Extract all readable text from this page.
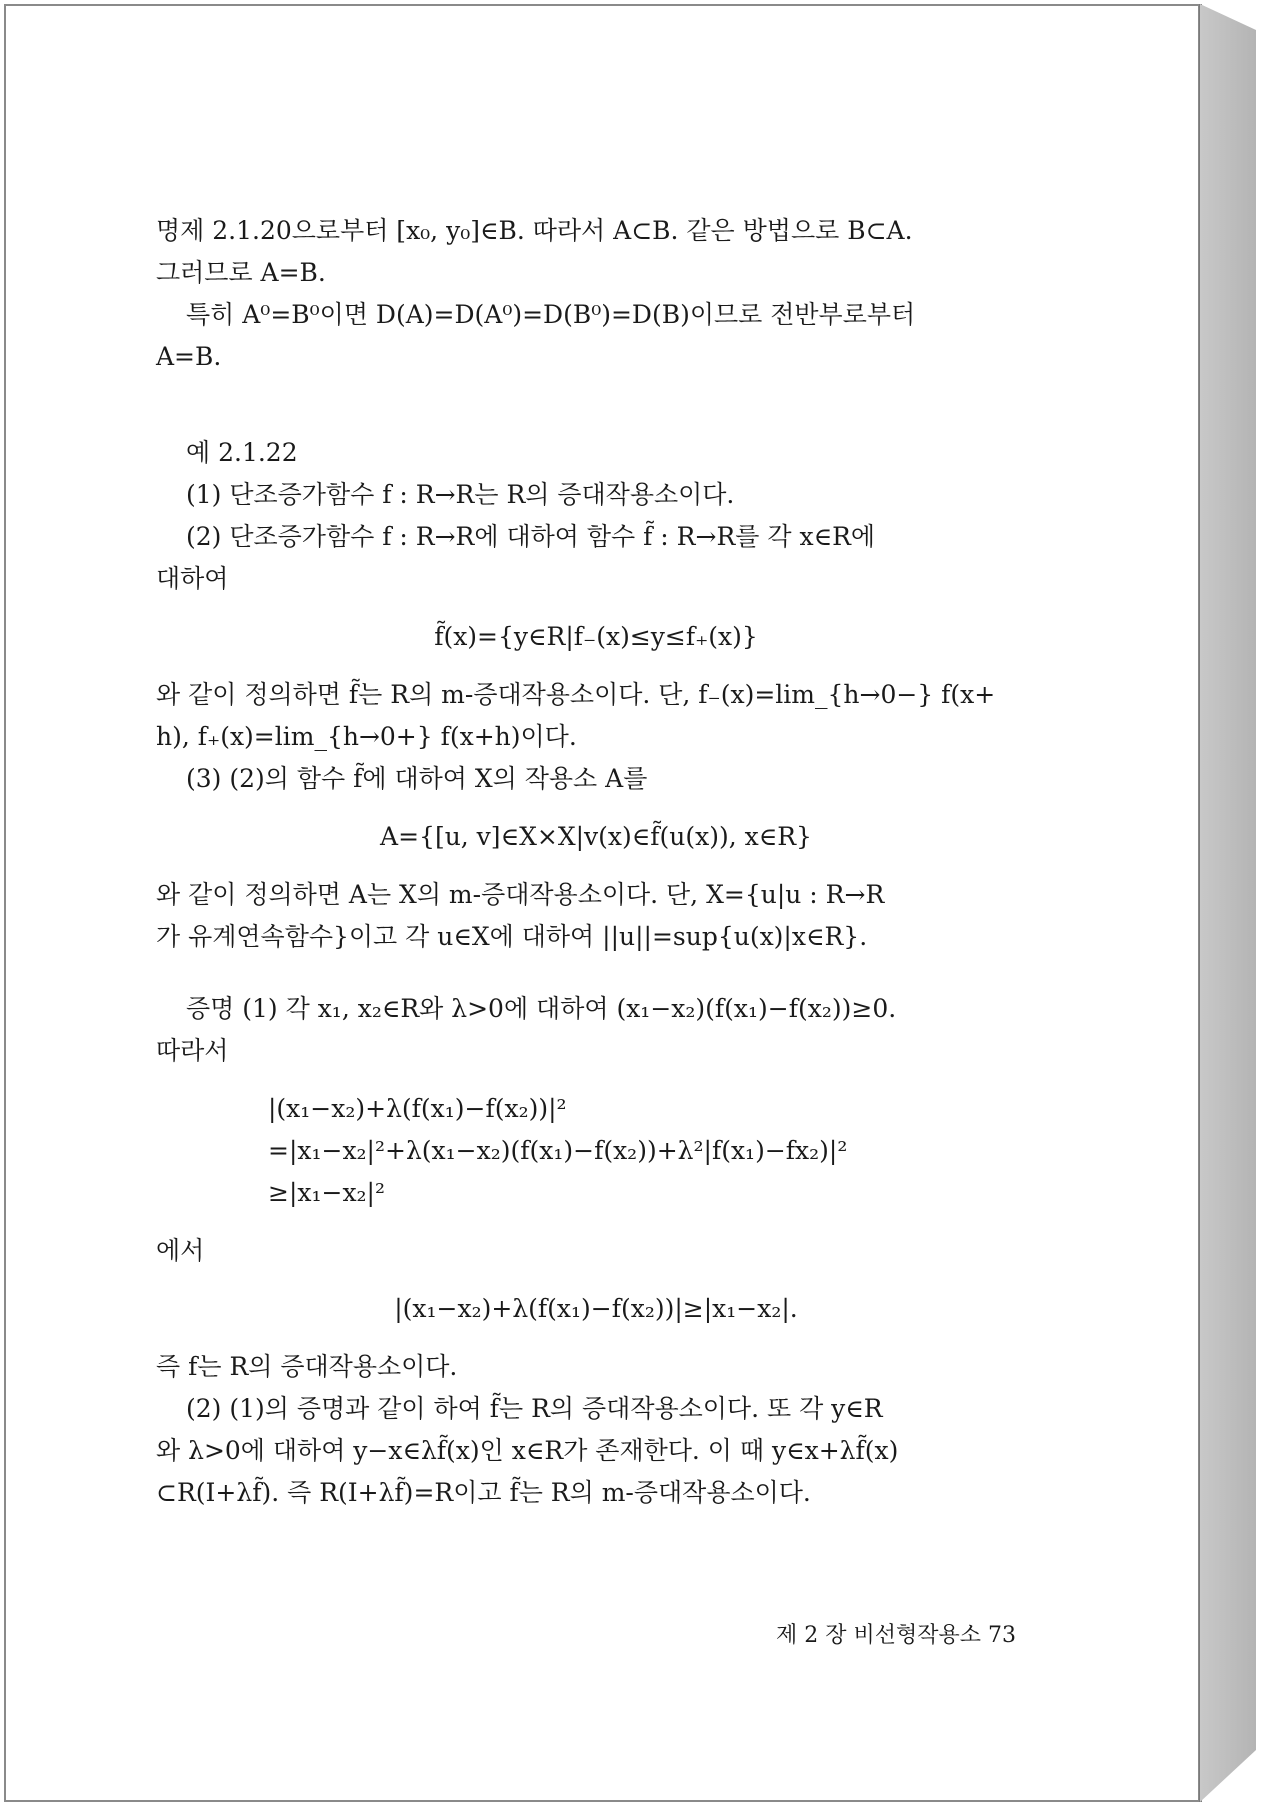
명제 2.1.20으로부터 [x₀, y₀]∈B. 따라서 A⊂B. 같은 방법으로 B⊂A.
그러므로 A=B.
특히 A⁰=B⁰이면 D(A)=D(A⁰)=D(B⁰)=D(B)이므로 전반부로부터
A=B.
예 2.1.22
(1) 단조증가함수 f : R→R는 R의 증대작용소이다.
(2) 단조증가함수 f : R→R에 대하여 함수 f̃ : R→R를 각 x∈R에
대하여
f̃(x)={y∈R|f₋(x)≤y≤f₊(x)}
와 같이 정의하면 f̃는 R의 m-증대작용소이다. 단, f₋(x)=lim_{h→0−} f(x+
h), f₊(x)=lim_{h→0+} f(x+h)이다.
(3) (2)의 함수 f̃에 대하여 X의 작용소 A를
A={[u, v]∈X×X|v(x)∈f̃(u(x)), x∈R}
와 같이 정의하면 A는 X의 m-증대작용소이다. 단, X={u|u : R→R
가 유계연속함수}이고 각 u∈X에 대하여 ||u||=sup{u(x)|x∈R}.
증명 (1) 각 x₁, x₂∈R와 λ>0에 대하여 (x₁−x₂)(f(x₁)−f(x₂))≥0.
따라서
|(x₁−x₂)+λ(f(x₁)−f(x₂))|²
=|x₁−x₂|²+λ(x₁−x₂)(f(x₁)−f(x₂))+λ²|f(x₁)−fx₂)|²
≥|x₁−x₂|²
에서
|(x₁−x₂)+λ(f(x₁)−f(x₂))|≥|x₁−x₂|.
즉 f는 R의 증대작용소이다.
(2) (1)의 증명과 같이 하여 f̃는 R의 증대작용소이다. 또 각 y∈R
와 λ>0에 대하여 y−x∈λf̃(x)인 x∈R가 존재한다. 이 때 y∈x+λf̃(x)
⊂R(I+λf̃). 즉 R(I+λf̃)=R이고 f̃는 R의 m-증대작용소이다.
제 2 장 비선형작용소 73
